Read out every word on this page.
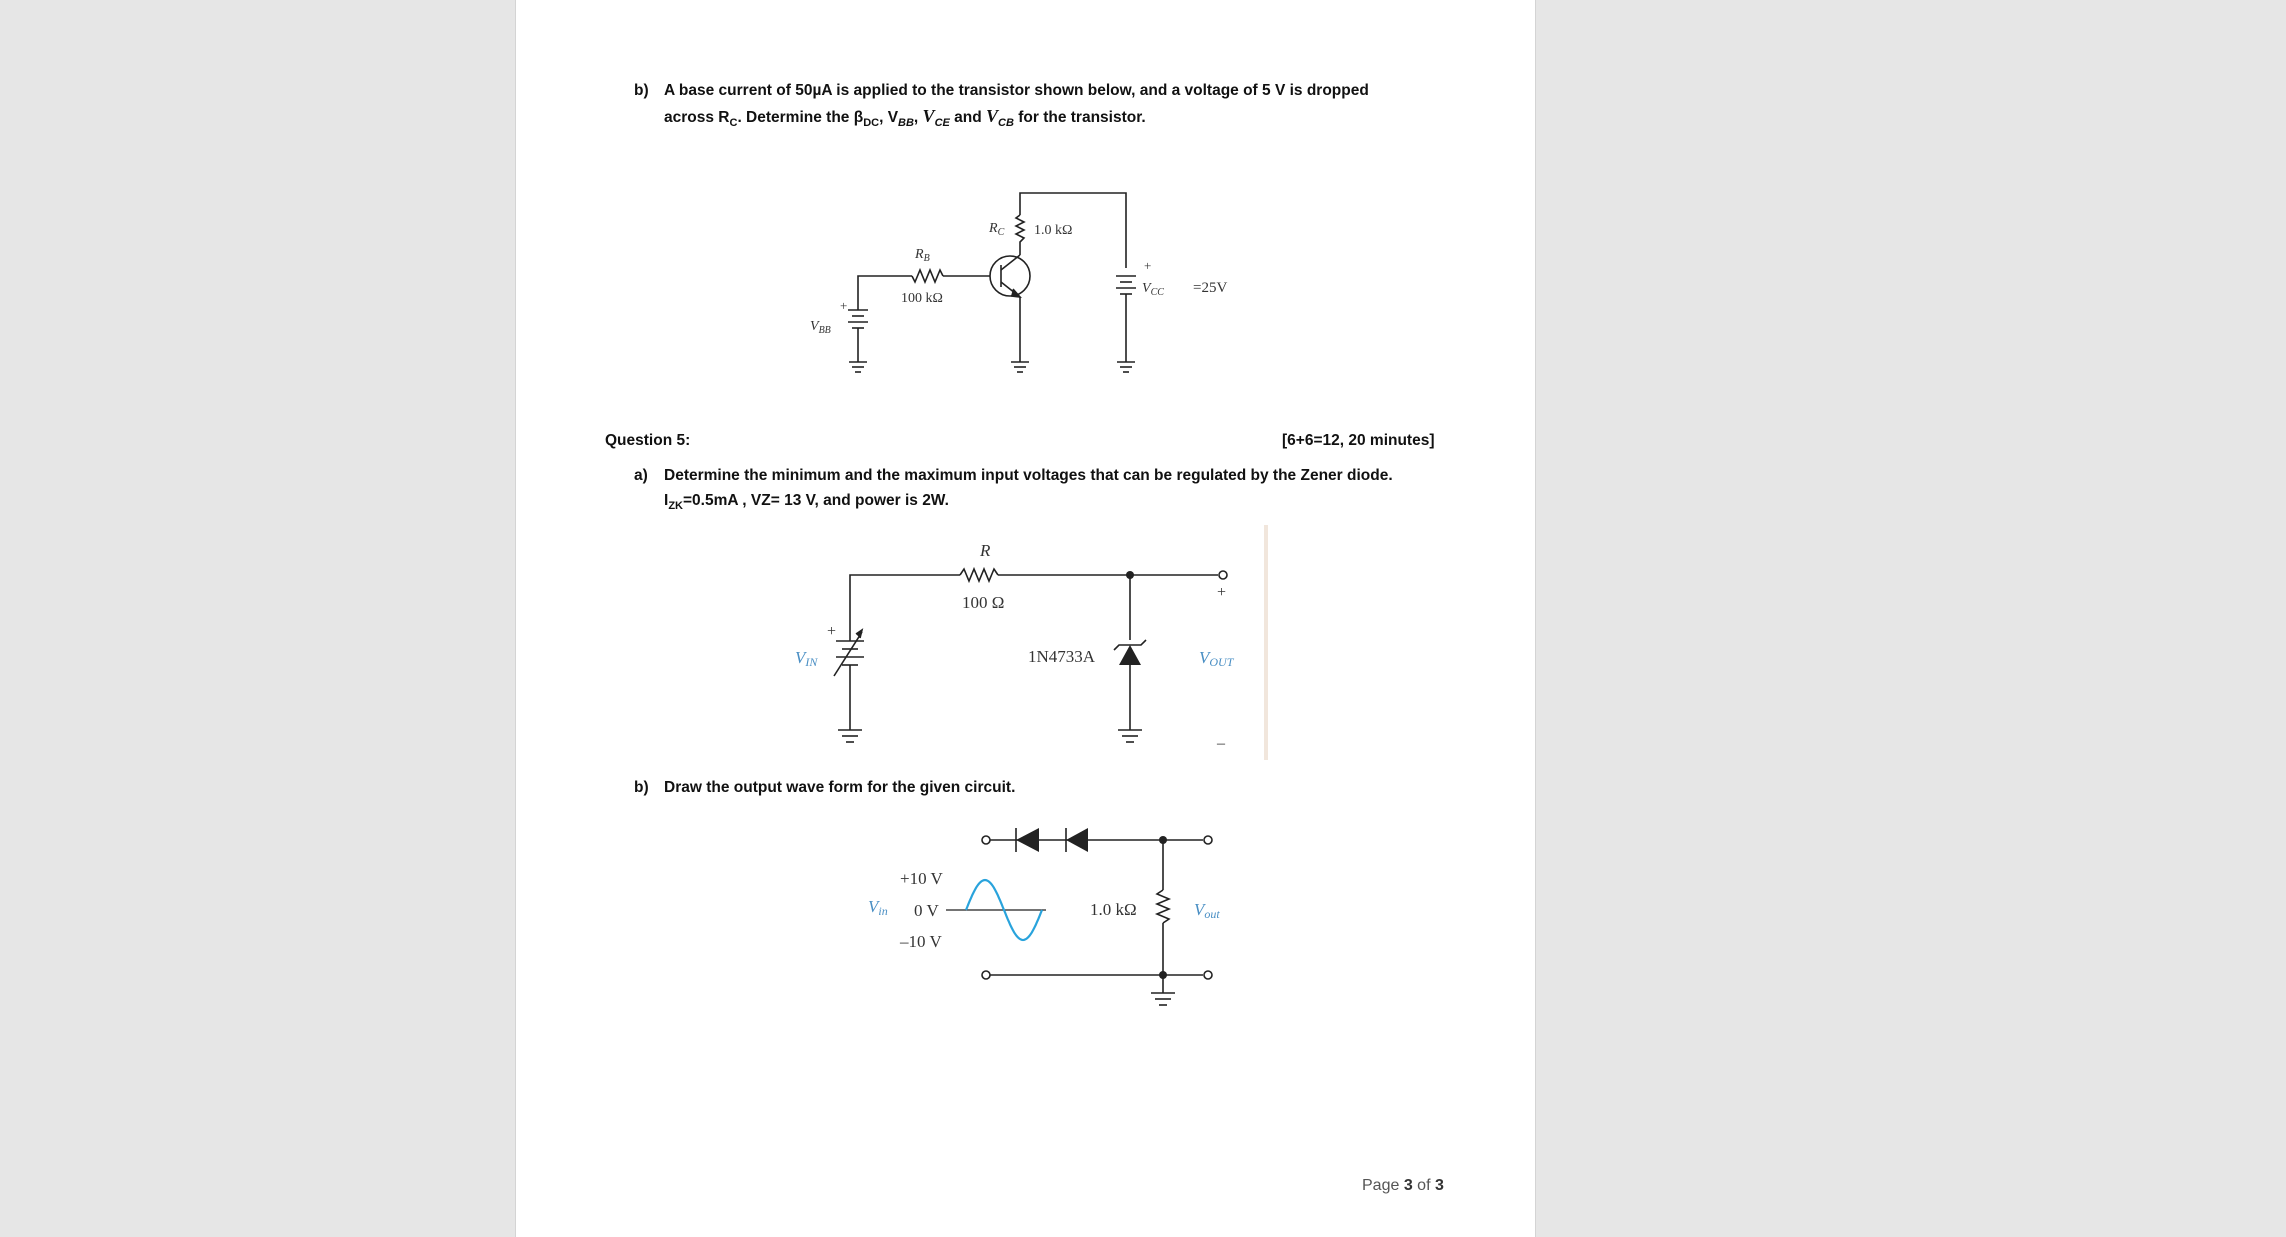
b) A base current of 50µA is applied to the transistor shown below, and a voltage of 5 V is dropped
across $R_C$. Determine the $\beta_{DC}$, $V_{BB}$, $V_{CE}$ and $V_{CB}$ for the transistor.
Question 5:	[6+6=12, 20 minutes]
a) Determine the minimum and the maximum input voltages that can be regulated by the Zener diode.
$I_{ZK}=0.5mA$ , VZ= 13 V, and power is 2W.
b) Draw the output wave form for the given circuit.
Page 3 of 3
$R_C$ 1.0 kΩ
$R_B$
100 kΩ
$V_{BB}$
+
$V_{CC} =25V$
+
R
100 Ω
1N4733A
VIN
+
VOUT
+
–
+10 V
0 V
–10 V
Vin	1.0 kΩ	Vout
